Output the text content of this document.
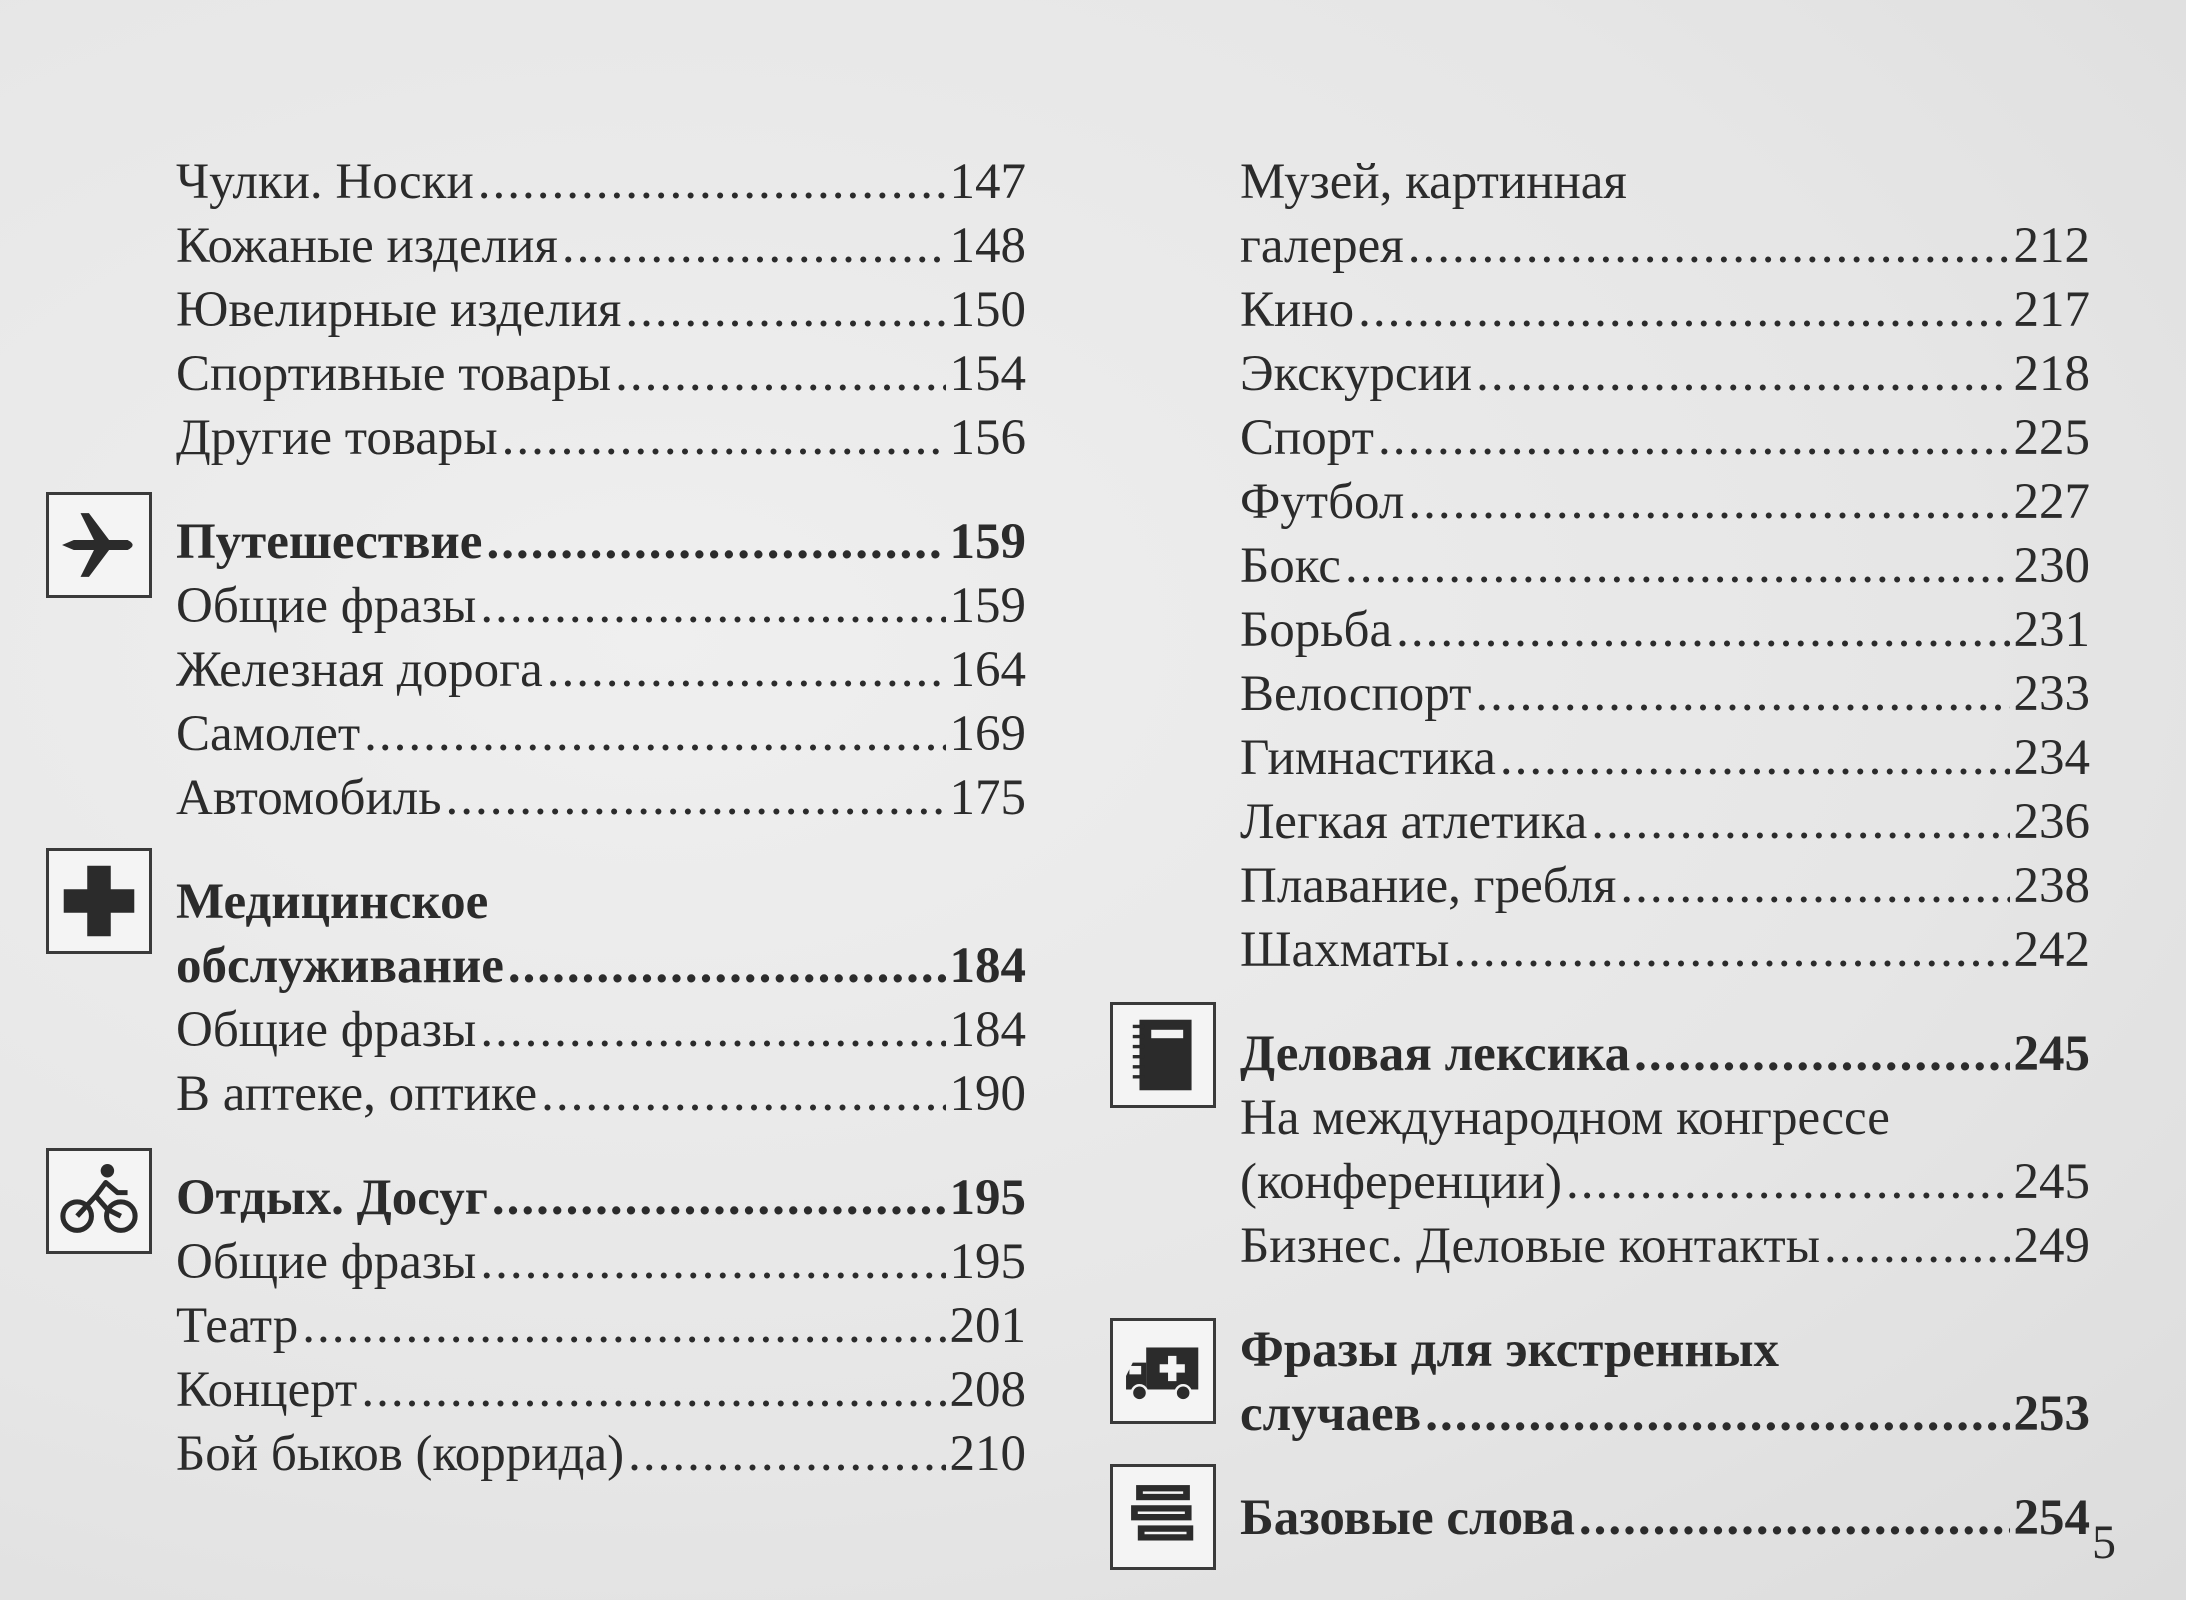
Чулки. Носки .....	147
Кожаные изделия .....	148
Ювелирные изделия .....	150
Спортивные товары .....	154
Другие товары .....	156
Путешествие .....	159
Общие фразы .....	159
Железная дорога .....	164
Самолет .....	169
Автомобиль .....	175
Медицинское
обслуживание .....	184
Общие фразы .....	184
В аптеке, оптике .....	190
Отдых. Досуг .....	195
Общие фразы .....	195
Театр .....	201
Концерт .....	208
Бой быков (коррида) .....	210
Музей, картинная
галерея .....	212
Кино .....	217
Экскурсии .....	218
Спорт .....	225
Футбол .....	227
Бокс .....	230
Борьба .....	231
Велоспорт .....	233
Гимнастика .....	234
Легкая атлетика .....	236
Плавание, гребля .....	238
Шахматы .....	242
Деловая лексика .....	245
На международном конгрессе
(конференции) .....	245
Бизнес. Деловые контакты .....	249
Фразы для экстренных
случаев .....	253
Базовые слова .....	254 5
